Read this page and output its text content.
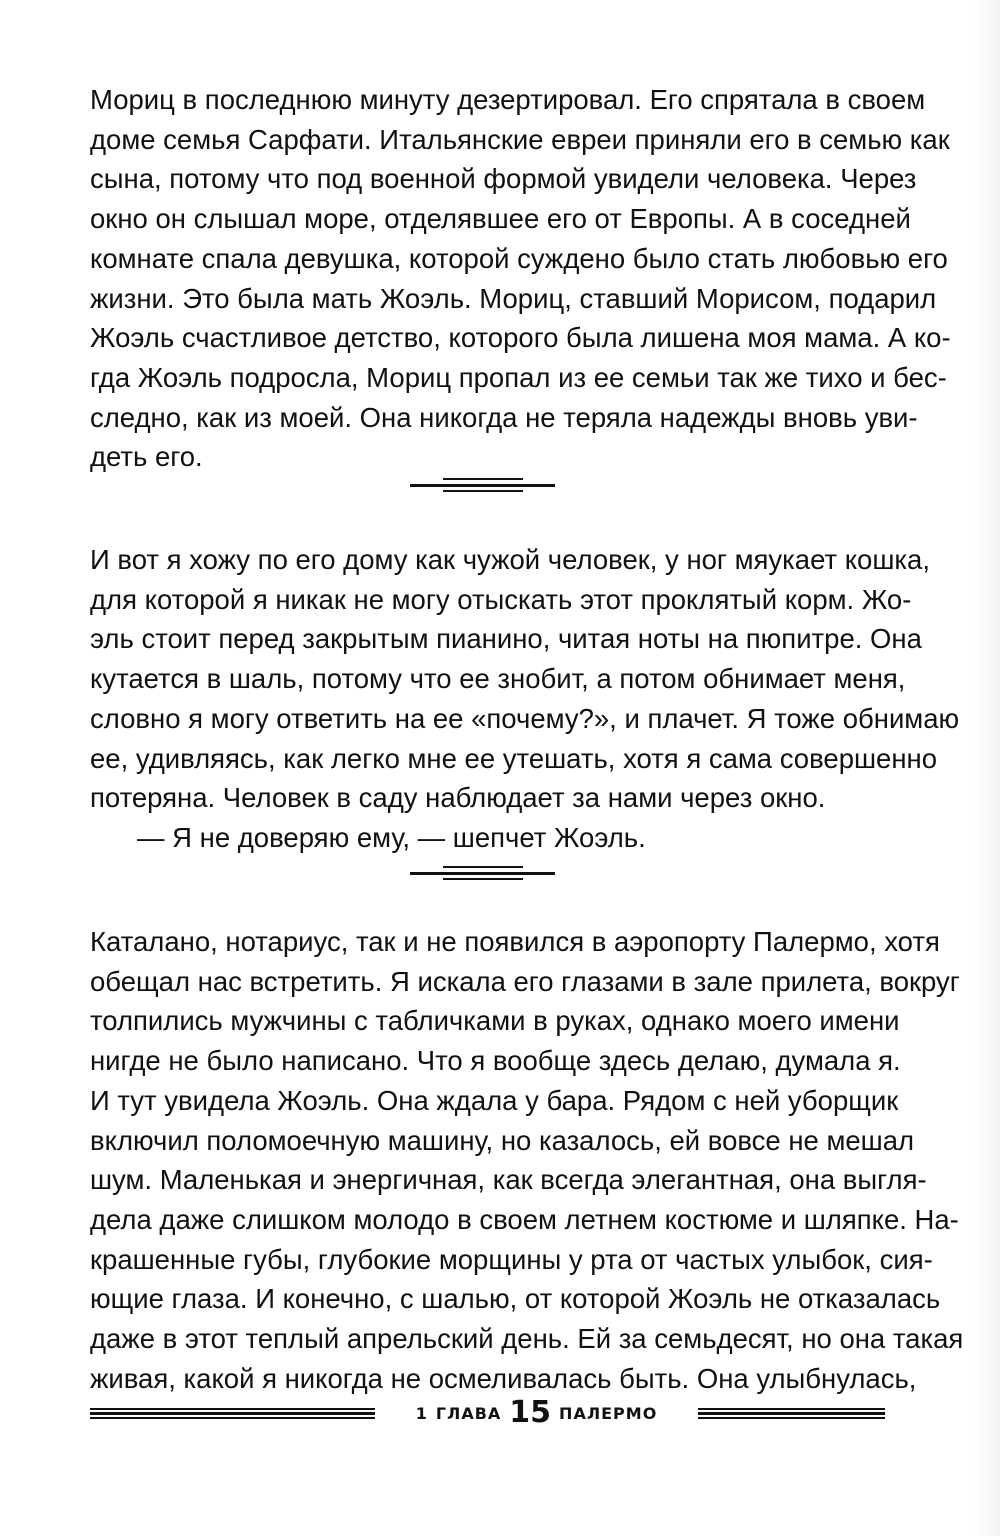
Мориц в последнюю минуту дезертировал. Его спрятала в своем

доме семья Сарфати. Итальянские евреи приняли его в семью как

сына, потому что под военной формой увидели человека. Через

окно он слышал море, отделявшее его от Европы. А в соседней

комнате спала девушка, которой суждено было стать любовью его

жизни. Это была мать Жоэль. Мориц, ставший Морисом, подарил

Жоэль счастливое детство, которого была лишена моя мама. А ко-

гда Жоэль подросла, Мориц пропал из ее семьи так же тихо и бес-

следно, как из моей. Она никогда не теряла надежды вновь уви-

деть его.

И вот я хожу по его дому как чужой человек, у ног мяукает кошка,

для которой я никак не могу отыскать этот проклятый корм. Жо-

эль стоит перед закрытым пианино, читая ноты на пюпитре. Она

кутается в шаль, потому что ее знобит, а потом обнимает меня,

словно я могу ответить на ее «почему?», и плачет. Я тоже обнимаю

ее, удивляясь, как легко мне ее утешать, хотя я сама совершенно

потеряна. Человек в саду наблюдает за нами через окно.

— Я не доверяю ему, — шепчет Жоэль.

Каталано, нотариус, так и не появился в аэропорту Палермо, хотя

обещал нас встретить. Я искала его глазами в зале прилета, вокруг

толпились мужчины с табличками в руках, однако моего имени

нигде не было написано. Что я вообще здесь делаю, думала я.

И тут увидела Жоэль. Она ждала у бара. Рядом с ней уборщик

включил поломоечную машину, но казалось, ей вовсе не мешал

шум. Маленькая и энергичная, как всегда элегантная, она выгля-

дела даже слишком молодо в своем летнем костюме и шляпке. На-

крашенные губы, глубокие морщины у рта от частых улыбок, сия-

ющие глаза. И конечно, с шалью, от которой Жоэль не отказалась

даже в этот теплый апрельский день. Ей за семьдесят, но она такая

живая, какой я никогда не осмеливалась быть. Она улыбнулась,

1 ГЛАВА 15 ПАЛЕРМО
